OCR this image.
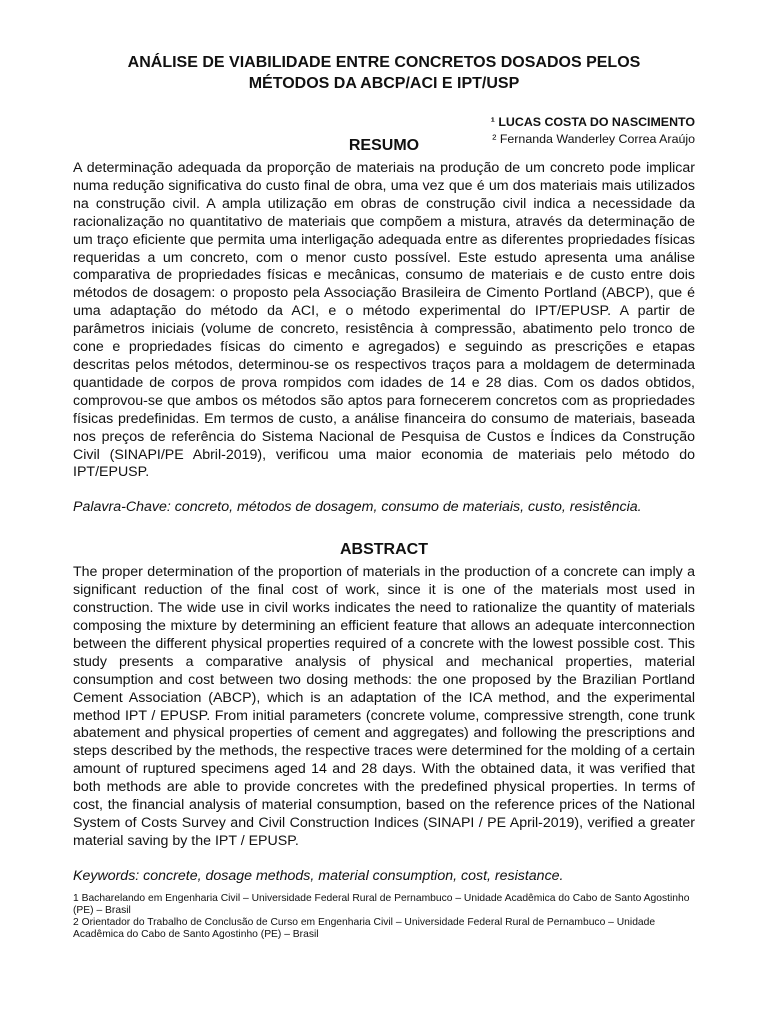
ANÁLISE DE VIABILIDADE ENTRE CONCRETOS DOSADOS PELOS
MÉTODOS DA ABCP/ACI E IPT/USP
¹ LUCAS COSTA DO NASCIMENTO
² Fernanda Wanderley Correa Araújo
RESUMO

A determinação adequada da proporção de materiais na produção de um concreto pode implicar numa redução significativa do custo final de obra, uma vez que é um dos materiais mais utilizados na construção civil. A ampla utilização em obras de construção civil indica a necessidade da racionalização no quantitativo de materiais que compõem a mistura, através da determinação de um traço eficiente que permita uma interligação adequada entre as diferentes propriedades físicas requeridas a um concreto, com o menor custo possível. Este estudo apresenta uma análise comparativa de propriedades físicas e mecânicas, consumo de materiais e de custo entre dois métodos de dosagem: o proposto pela Associação Brasileira de Cimento Portland (ABCP), que é uma adaptação do método da ACI, e o método experimental do IPT/EPUSP. A partir de parâmetros iniciais (volume de concreto, resistência à compressão, abatimento pelo tronco de cone e propriedades físicas do cimento e agregados) e seguindo as prescrições e etapas descritas pelos métodos, determinou-se os respectivos traços para a moldagem de determinada quantidade de corpos de prova rompidos com idades de 14 e 28 dias. Com os dados obtidos, comprovou-se que ambos os métodos são aptos para fornecerem concretos com as propriedades físicas predefinidas. Em termos de custo, a análise financeira do consumo de materiais, baseada nos preços de referência do Sistema Nacional de Pesquisa de Custos e Índices da Construção Civil (SINAPI/PE Abril-2019), verificou uma maior economia de materiais pelo método do IPT/EPUSP.

Palavra-Chave: concreto, métodos de dosagem, consumo de materiais, custo, resistência.

ABSTRACT

The proper determination of the proportion of materials in the production of a concrete can imply a significant reduction of the final cost of work, since it is one of the materials most used in construction. The wide use in civil works indicates the need to rationalize the quantity of materials composing the mixture by determining an efficient feature that allows an adequate interconnection between the different physical properties required of a concrete with the lowest possible cost. This study presents a comparative analysis of physical and mechanical properties, material consumption and cost between two dosing methods: the one proposed by the Brazilian Portland Cement Association (ABCP), which is an adaptation of the ICA method, and the experimental method IPT / EPUSP. From initial parameters (concrete volume, compressive strength, cone trunk abatement and physical properties of cement and aggregates) and following the prescriptions and steps described by the methods, the respective traces were determined for the molding of a certain amount of ruptured specimens aged 14 and 28 days. With the obtained data, it was verified that both methods are able to provide concretes with the predefined physical properties. In terms of cost, the financial analysis of material consumption, based on the reference prices of the National System of Costs Survey and Civil Construction Indices (SINAPI / PE April-2019), verified a greater material saving by the IPT / EPUSP.

Keywords: concrete, dosage methods, material consumption, cost, resistance.

1 Bacharelando em Engenharia Civil – Universidade Federal Rural de Pernambuco – Unidade Acadêmica do Cabo de Santo Agostinho (PE) – Brasil

2 Orientador do Trabalho de Conclusão de Curso em Engenharia Civil – Universidade Federal Rural de Pernambuco – Unidade Acadêmica do Cabo de Santo Agostinho (PE) – Brasil
